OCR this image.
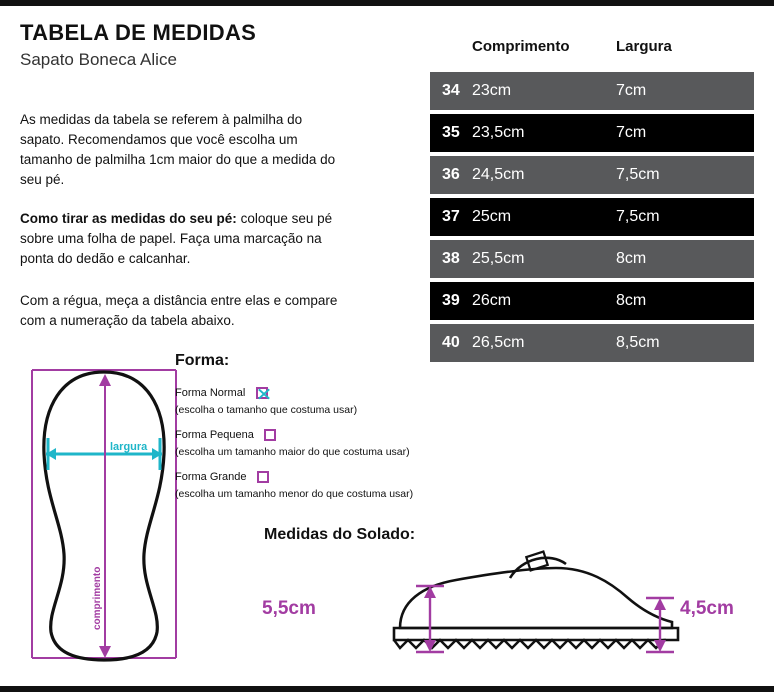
TABELA DE MEDIDAS
Sapato Boneca Alice
As medidas da tabela se referem à palmilha do sapato. Recomendamos que você escolha um tamanho de palmilha 1cm maior do que a medida do seu pé.
Como tirar as medidas do seu pé: coloque seu pé sobre uma folha de papel. Faça uma marcação na ponta do dedão e calcanhar.
Com a régua, meça a distância entre elas e compare com a numeração da tabela abaixo.
Comprimento	Largura
34 23cm	7cm
35 23,5cm	7cm
36 24,5cm	7,5cm
37 25cm	7,5cm
38 25,5cm	8cm
39 26cm	8cm
40 26,5cm	8,5cm
largura
comprimento
Forma:
Forma Normal
(escolha o tamanho que costuma usar)
Forma Pequena
(escolha um tamanho maior do que costuma usar)
Forma Grande
(escolha um tamanho menor do que costuma usar)
Medidas do Solado:
5,5cm	4,5cm
